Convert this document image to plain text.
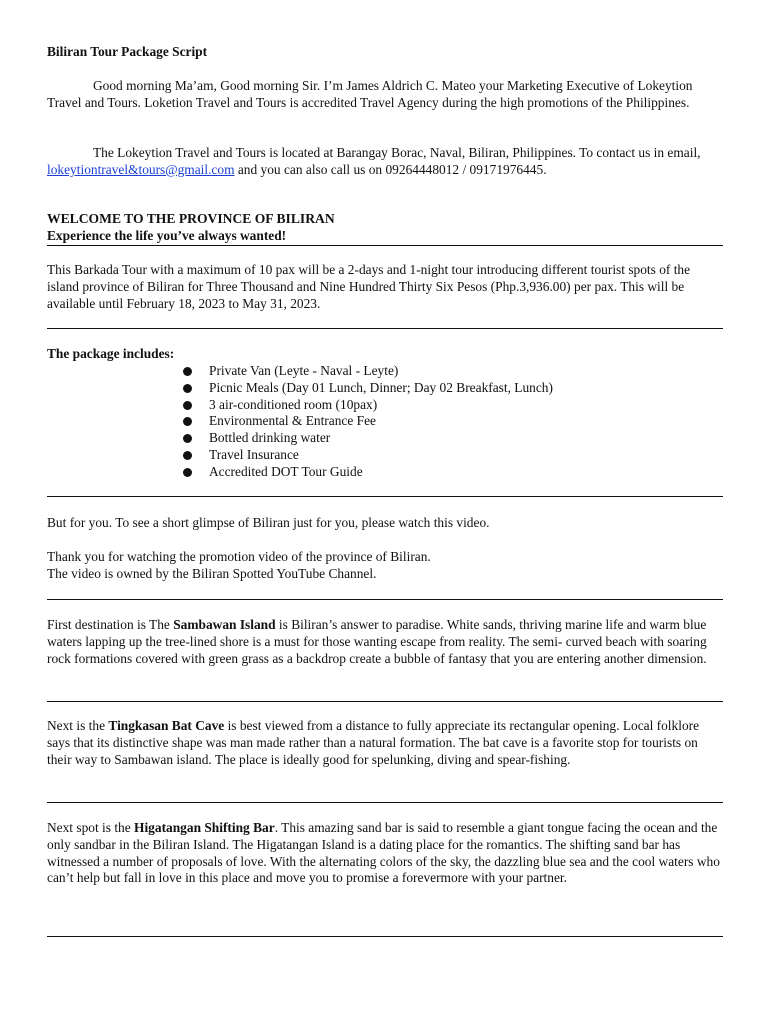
Biliran Tour Package Script
Good morning Ma’am, Good morning Sir. I’m James Aldrich C. Mateo your Marketing Executive of Lokeytion Travel and Tours. Loketion Travel and Tours is accredited Travel Agency during the high promotions of the Philippines.
The Lokeytion Travel and Tours is located at Barangay Borac, Naval, Biliran, Philippines. To contact us in email, lokeytiontravel&tours@gmail.com and you can also call us on 09264448012 / 09171976445.
WELCOME TO THE PROVINCE OF BILIRAN
Experience the life you’ve always wanted!
This Barkada Tour with a maximum of 10 pax will be a 2-days and 1-night tour introducing different tourist spots of the island province of Biliran for Three Thousand and Nine Hundred Thirty Six Pesos (Php.3,936.00) per pax. This will be available until February 18, 2023 to May 31, 2023.
The package includes:
Private Van (Leyte - Naval - Leyte)
Picnic Meals (Day 01 Lunch, Dinner; Day 02 Breakfast, Lunch)
3 air-conditioned room (10pax)
Environmental & Entrance Fee
Bottled drinking water
Travel Insurance
Accredited DOT Tour Guide
But for you. To see a short glimpse of Biliran just for you, please watch this video.
Thank you for watching the promotion video of the province of Biliran.
The video is owned by the Biliran Spotted YouTube Channel.
First destination is The Sambawan Island is Biliran’s answer to paradise. White sands, thriving marine life and warm blue waters lapping up the tree-lined shore is a must for those wanting escape from reality. The semi- curved beach with soaring rock formations covered with green grass as a backdrop create a bubble of fantasy that you are entering another dimension.
Next is the Tingkasan Bat Cave is best viewed from a distance to fully appreciate its rectangular opening. Local folklore says that its distinctive shape was man made rather than a natural formation. The bat cave is a favorite stop for tourists on their way to Sambawan island. The place is ideally good for spelunking, diving and spear-fishing.
Next spot is the Higatangan Shifting Bar. This amazing sand bar is said to resemble a giant tongue facing the ocean and the only sandbar in the Biliran Island. The Higatangan Island is a dating place for the romantics. The shifting sand bar has witnessed a number of proposals of love. With the alternating colors of the sky, the dazzling blue sea and the cool waters who can’t help but fall in love in this place and move you to promise a forevermore with your partner.
